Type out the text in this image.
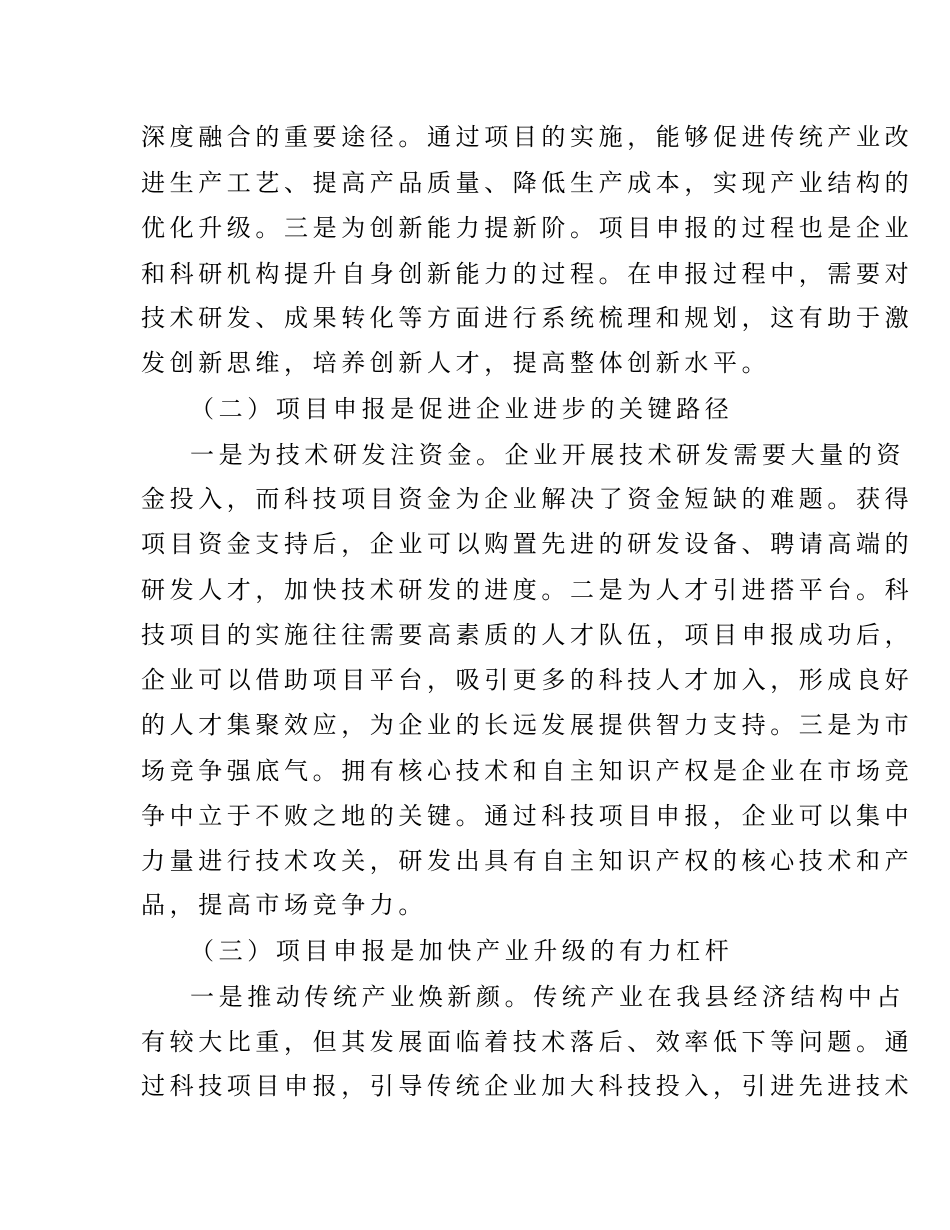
深度融合的重要途径。通过项目的实施，能够促进传统产业改
进生产工艺、提高产品质量、降低生产成本，实现产业结构的
优化升级。三是为创新能力提新阶。项目申报的过程也是企业
和科研机构提升自身创新能力的过程。在申报过程中，需要对
技术研发、成果转化等方面进行系统梳理和规划，这有助于激
发创新思维，培养创新人才，提高整体创新水平。
（二）项目申报是促进企业进步的关键路径
一是为技术研发注资金。企业开展技术研发需要大量的资
金投入，而科技项目资金为企业解决了资金短缺的难题。获得
项目资金支持后，企业可以购置先进的研发设备、聘请高端的
研发人才，加快技术研发的进度。二是为人才引进搭平台。科
技项目的实施往往需要高素质的人才队伍，项目申报成功后，
企业可以借助项目平台，吸引更多的科技人才加入，形成良好
的人才集聚效应，为企业的长远发展提供智力支持。三是为市
场竞争强底气。拥有核心技术和自主知识产权是企业在市场竞
争中立于不败之地的关键。通过科技项目申报，企业可以集中
力量进行技术攻关，研发出具有自主知识产权的核心技术和产
品，提高市场竞争力。
（三）项目申报是加快产业升级的有力杠杆
一是推动传统产业焕新颜。传统产业在我县经济结构中占
有较大比重，但其发展面临着技术落后、效率低下等问题。通
过科技项目申报，引导传统企业加大科技投入，引进先进技术
